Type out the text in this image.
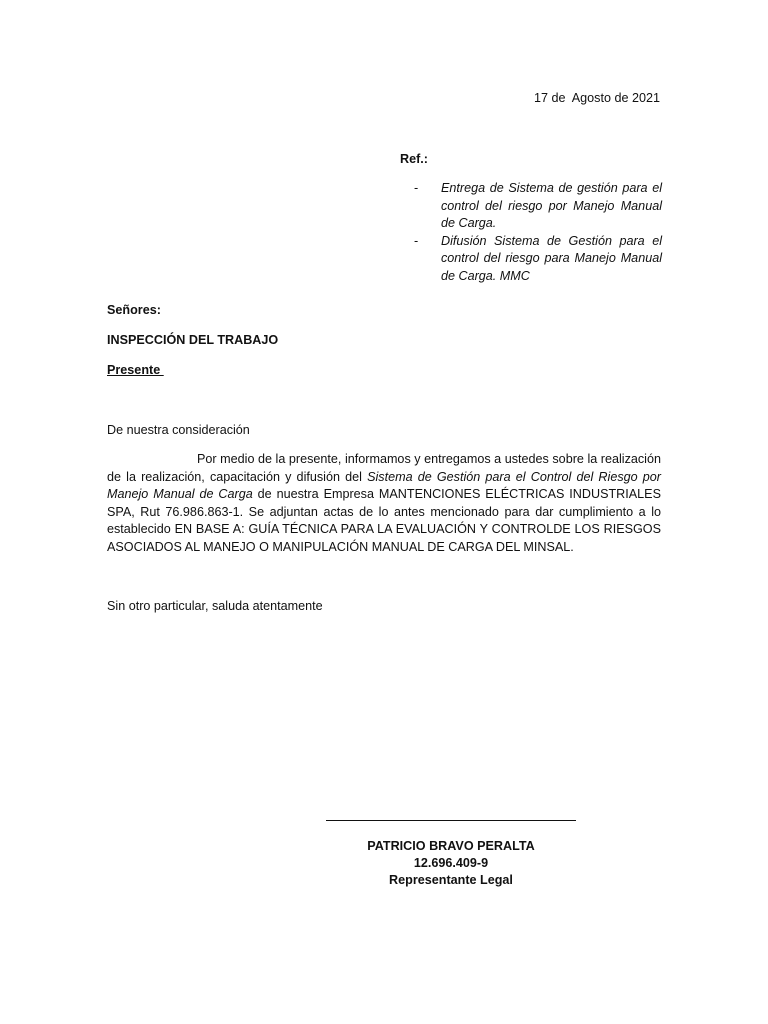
17 de  Agosto de 2021
Ref.:
- Entrega de Sistema de gestión para el control del riesgo por Manejo Manual de Carga.
- Difusión Sistema de Gestión para el control del riesgo para Manejo Manual de Carga. MMC
Señores:
INSPECCIÓN DEL TRABAJO
Presente
De nuestra consideración

Por medio de la presente, informamos y entregamos a ustedes sobre la realización de la realización, capacitación y difusión del Sistema de Gestión para el Control del Riesgo por Manejo Manual de Carga de nuestra Empresa MANTENCIONES ELÉCTRICAS INDUSTRIALES SPA, Rut 76.986.863-1. Se adjuntan actas de lo antes mencionado para dar cumplimiento a lo establecido EN BASE A: GUÍA TÉCNICA PARA LA EVALUACIÓN Y CONTROLDE LOS RIESGOS ASOCIADOS AL MANEJO O MANIPULACIÓN MANUAL DE CARGA DEL MINSAL.

Sin otro particular, saluda atentamente
PATRICIO BRAVO PERALTA
12.696.409-9
Representante Legal
